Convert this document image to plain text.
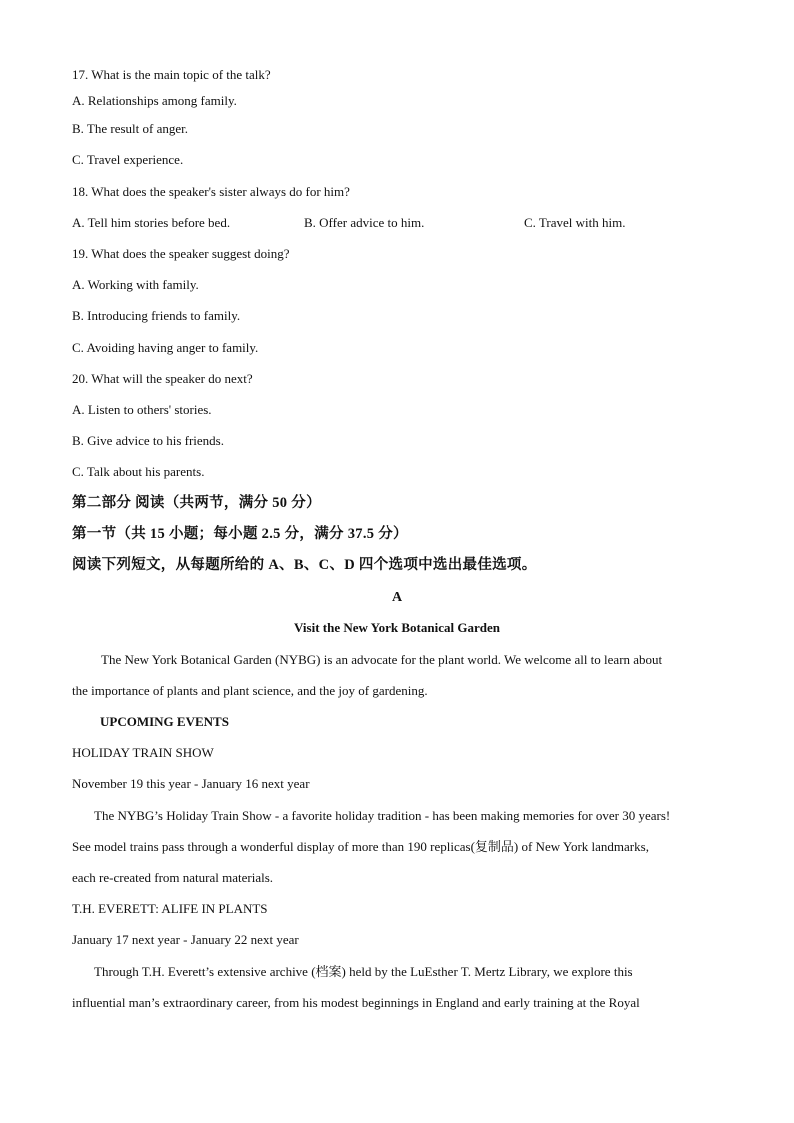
17. What is the main topic of the talk?
A. Relationships among family.
B. The result of anger.
C. Travel experience.
18. What does the speaker's sister always do for him?
A. Tell him stories before bed.	B. Offer advice to him.	C. Travel with him.
19. What does the speaker suggest doing?
A. Working with family.
B. Introducing friends to family.
C. Avoiding having anger to family.
20. What will the speaker do next?
A. Listen to others' stories.
B. Give advice to his friends.
C. Talk about his parents.
第二部分 阅读（共两节，满分 50 分）
第一节（共 15 小题；每小题 2.5 分，满分 37.5 分）
阅读下列短文，从每题所给的 A、B、C、D 四个选项中选出最佳选项。
A
Visit the New York Botanical Garden
The New York Botanical Garden (NYBG) is an advocate for the plant world. We welcome all to learn about
the importance of plants and plant science, and the joy of gardening.
UPCOMING EVENTS
HOLIDAY TRAIN SHOW
November 19 this year - January 16 next year
The NYBG’s Holiday Train Show - a favorite holiday tradition - has been making memories for over 30 years!
See model trains pass through a wonderful display of more than 190 replicas(复制品) of New York landmarks,
each re-created from natural materials.
T.H. EVERETT: ALIFE IN PLANTS
January 17 next year - January 22 next year
Through T.H. Everett’s extensive archive (档案) held by the LuEsther T. Mertz Library, we explore this
influential man’s extraordinary career, from his modest beginnings in England and early training at the Royal
